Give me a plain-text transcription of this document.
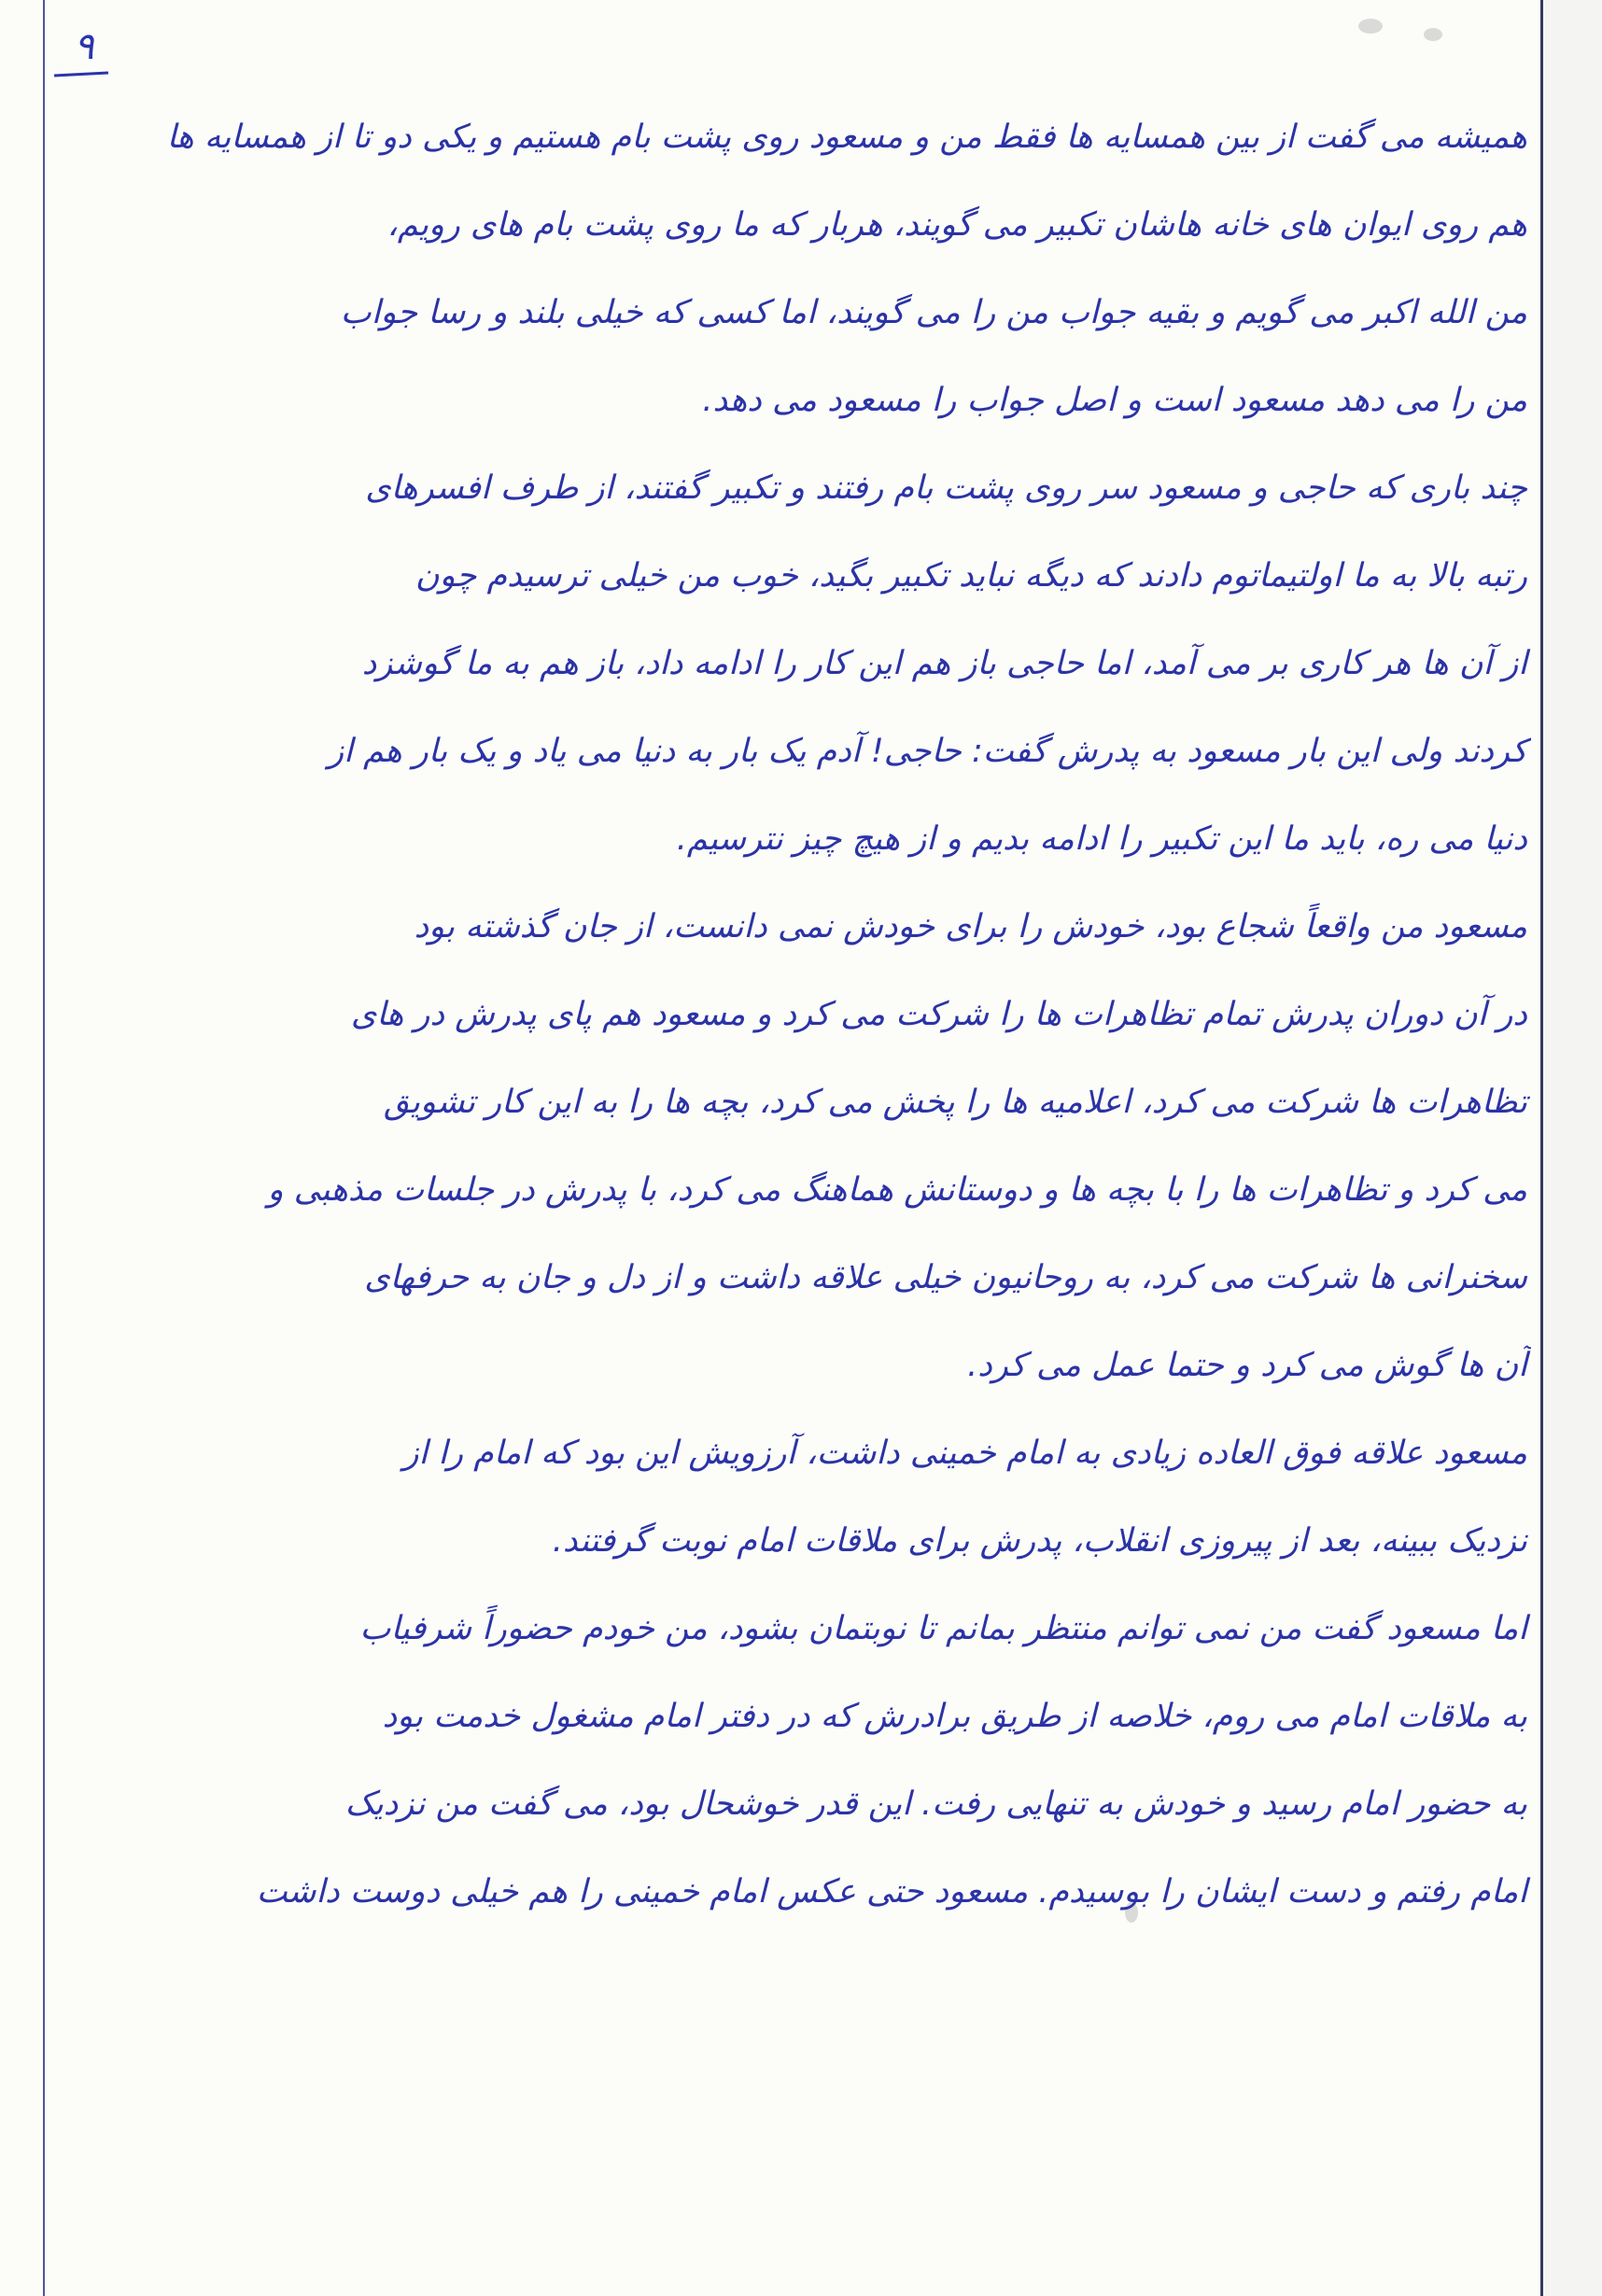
۹
همیشه می گفت از بین همسایه ها فقط من و مسعود روی پشت بام هستیم و یکی دو تا از همسایه ها
هم روی ایوان های خانه هاشان تکبیر می گویند، هربار که ما روی پشت بام های رویم،
من الله اکبر می گویم و بقیه جواب من را می گویند، اما کسی که خیلی بلند و رسا جواب
من را می دهد مسعود است و اصل جواب را مسعود می دهد.
چند باری که حاجی و مسعود سر روی پشت بام رفتند و تکبیر گفتند، از طرف افسرهای
رتبه بالا به ما اولتیماتوم دادند که دیگه نباید تکبیر بگید، خوب من خیلی ترسیدم چون
از آن ها هر کاری بر می آمد، اما حاجی باز هم این کار را ادامه داد، باز هم به ما گوشزد
کردند ولی این بار مسعود به پدرش گفت: حاجی! آدم یک بار به دنیا می یاد و یک بار هم از
دنیا می ره، باید ما این تکبیر را ادامه بدیم و از هیچ چیز نترسیم.
مسعود من واقعاً شجاع بود، خودش را برای خودش نمی دانست، از جان گذشته بود
در آن دوران پدرش تمام تظاهرات ها را شرکت می کرد و مسعود هم پای پدرش در های
تظاهرات ها شرکت می کرد، اعلامیه ها را پخش می کرد، بچه ها را به این کار تشویق
می کرد و تظاهرات ها را با بچه ها و دوستانش هماهنگ می کرد، با پدرش در جلسات مذهبی و
سخنرانی ها شرکت می کرد، به روحانیون خیلی علاقه داشت و از دل و جان به حرفهای
آن ها گوش می کرد و حتما عمل می کرد.
مسعود علاقه فوق العاده زیادی به امام خمینی داشت، آرزویش این بود که امام را از
نزدیک ببینه، بعد از پیروزی انقلاب، پدرش برای ملاقات امام نوبت گرفتند.
اما مسعود گفت من نمی توانم منتظر بمانم تا نوبتمان بشود، من خودم حضوراً شرفیاب
به ملاقات امام می روم، خلاصه از طریق برادرش که در دفتر امام مشغول خدمت بود
به حضور امام رسید و خودش به تنهایی رفت. این قدر خوشحال بود، می گفت من نزدیک
امام رفتم و دست ایشان را بوسیدم. مسعود حتی عکس امام خمینی را هم خیلی دوست داشت
